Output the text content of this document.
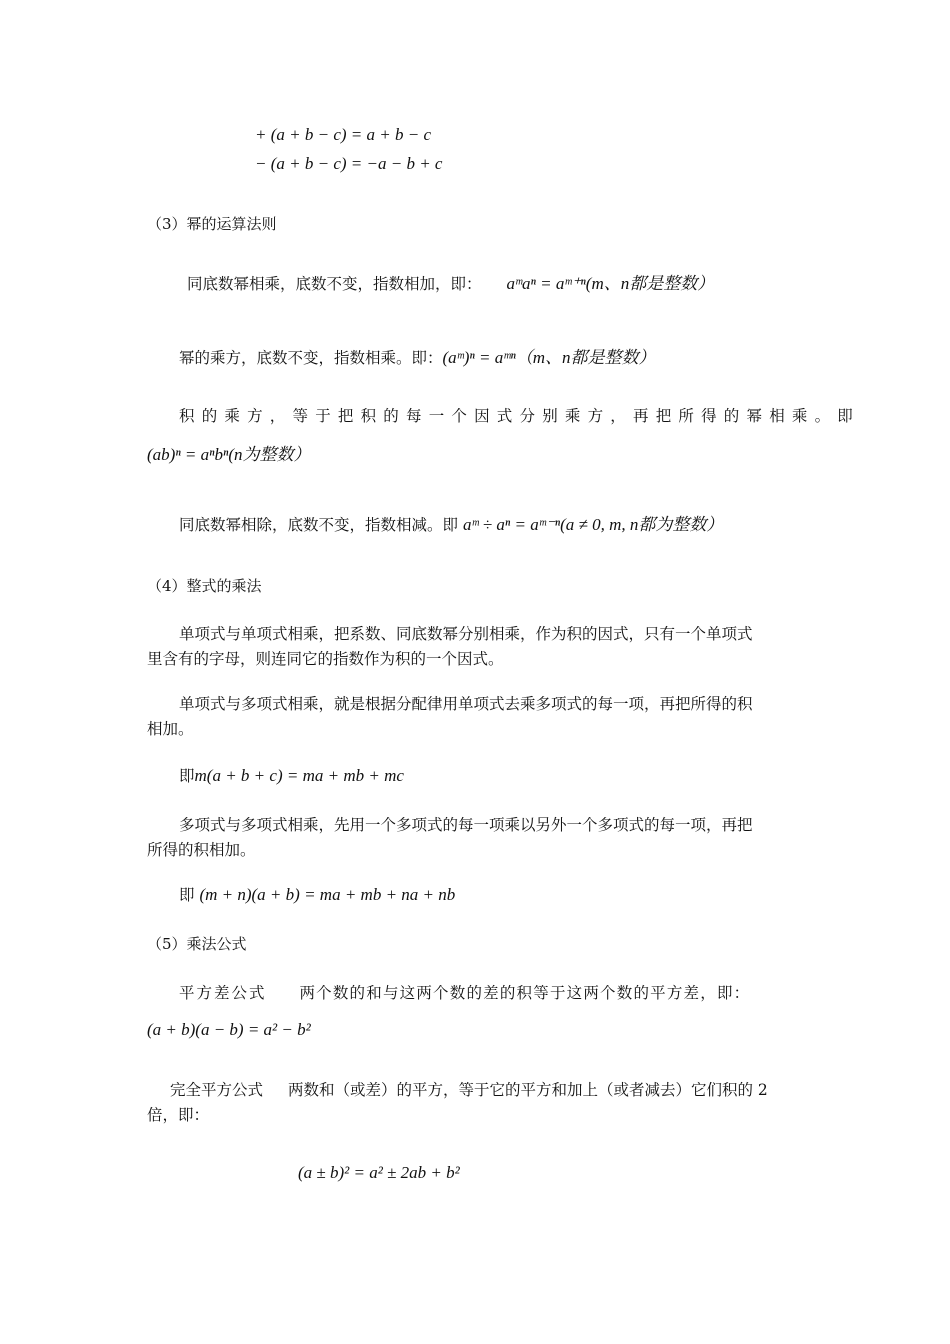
+ (a + b − c) = a + b − c
− (a + b − c) = −a − b + c
（3）幂的运算法则
同底数幂相乘，底数不变，指数相加，即： aᵐaⁿ = aᵐ⁺ⁿ(m、n都是整数）
幂的乘方，底数不变，指数相乘。即：(aᵐ)ⁿ = aᵐⁿ（m、n都是整数）
积的乘方，等于把积的每一个因式分别乘方，再把所得的幂相乘。即
(ab)ⁿ = aⁿbⁿ(n为整数）
同底数幂相除，底数不变，指数相减。即 aᵐ ÷ aⁿ = aᵐ⁻ⁿ(a ≠ 0, m, n都为整数）
（4）整式的乘法
单项式与单项式相乘，把系数、同底数幂分别相乘，作为积的因式，只有一个单项式
里含有的字母，则连同它的指数作为积的一个因式。
单项式与多项式相乘，就是根据分配律用单项式去乘多项式的每一项，再把所得的积
相加。
即m(a + b + c) = ma + mb + mc
多项式与多项式相乘，先用一个多项式的每一项乘以另外一个多项式的每一项，再把
所得的积相加。
即 (m + n)(a + b) = ma + mb + na + nb
（5）乘法公式
平方差公式 两个数的和与这两个数的差的积等于这两个数的平方差，即：
(a + b)(a − b) = a² − b²
完全平方公式 两数和（或差）的平方，等于它的平方和加上（或者减去）它们积的 2
倍，即：
(a ± b)² = a² ± 2ab + b²
